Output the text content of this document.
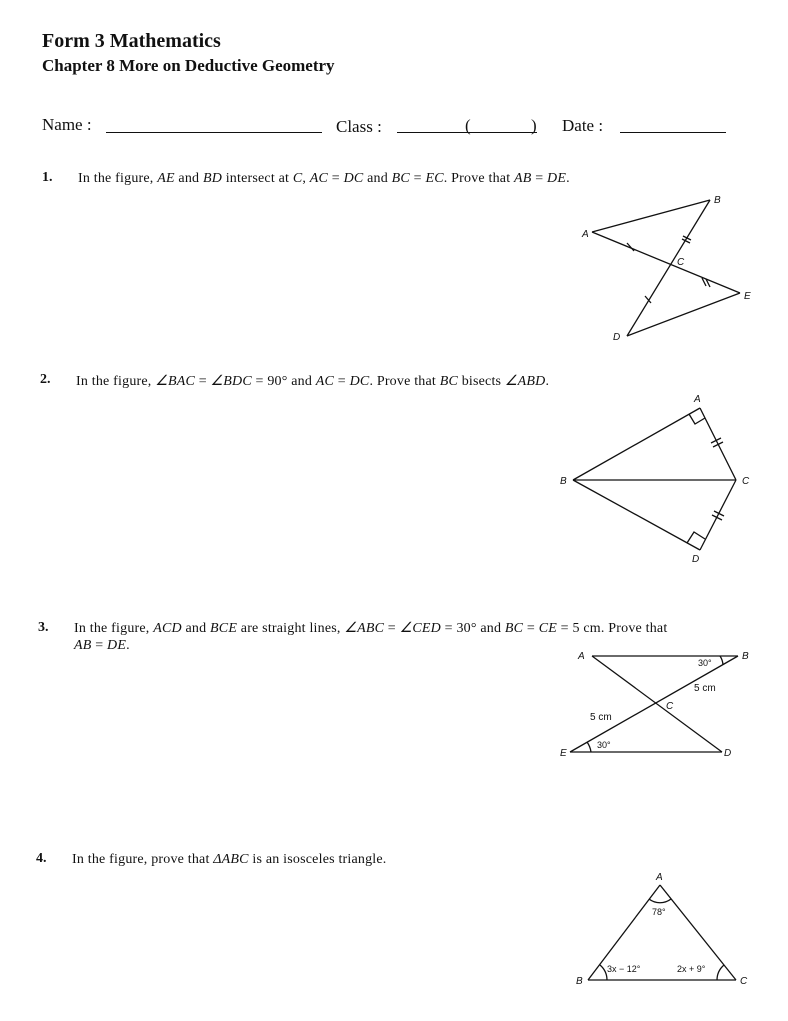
Form 3 Mathematics
Chapter 8 More on Deductive Geometry
Name :	Class :	(	) Date :
1. In the figure, AE and BD intersect at C, AC = DC and BC = EC. Prove that AB = DE.
2. In the figure, ∠BAC = ∠BDC = 90° and AC = DC. Prove that BC bisects ∠ABD.
3. In the figure, ACD and BCE are straight lines, ∠ABC = ∠CED = 30° and BC = CE = 5 cm. Prove that
AB = DE.
4. In the figure, prove that ΔABC is an isosceles triangle.
A
B
C
D
E
A
B	C
D
A	B
C
D
E
30°
30°
5 cm
5 cm
A
B	C
78°
3x − 12°	2x + 9°
